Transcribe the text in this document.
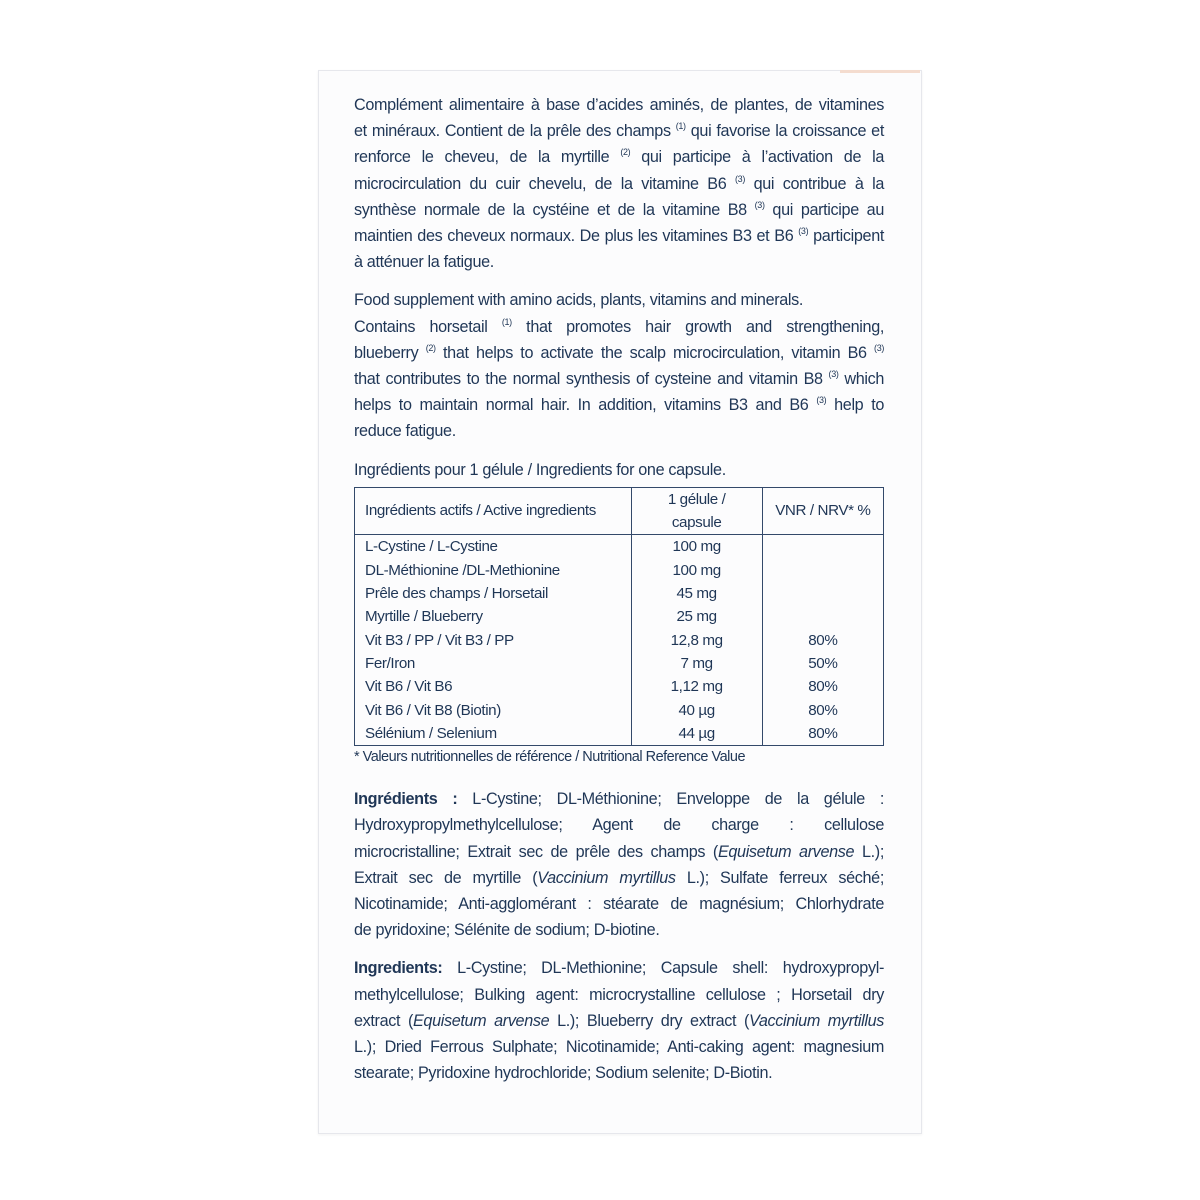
Complément alimentaire à base d’acides aminés, de plantes, de vitamines
et minéraux. Contient de la prêle des champs $^{(1)}$ qui favorise la croissance et
renforce le cheveu, de la myrtille $^{(2)}$ qui participe à l’activation de la
microcirculation du cuir chevelu, de la vitamine B6 $^{(3)}$ qui contribue à la
synthèse normale de la cystéine et de la vitamine B8 $^{(3)}$ qui participe au
maintien des cheveux normaux. De plus les vitamines B3 et B6 $^{(3)}$ participent
à atténuer la fatigue.

Food supplement with amino acids, plants, vitamins and minerals.
Contains horsetail $^{(1)}$ that promotes hair growth and strengthening,
blueberry $^{(2)}$ that helps to activate the scalp microcirculation, vitamin B6 $^{(3)}$
that contributes to the normal synthesis of cysteine and vitamin B8 $^{(3)}$ which
helps to maintain normal hair. In addition, vitamins B3 and B6 $^{(3)}$ help to
reduce fatigue.

Ingrédients pour 1 gélule / Ingredients for one capsule.

Ingrédients actifs / Active ingredients	1 gélule / capsule	VNR / NRV* %
L-Cystine / L-Cystine	100 mg	
DL-Méthionine /DL-Methionine	100 mg	
Prêle des champs / Horsetail	45 mg	
Myrtille / Blueberry	25 mg	
Vit B3 / PP / Vit B3 / PP	12,8 mg	80%
Fer/Iron	7 mg	50%
Vit B6 / Vit B6	1,12 mg	80%
Vit B6 / Vit B8 (Biotin)	40 µg	80%
Sélénium / Selenium	44 µg	80%

* Valeurs nutritionnelles de référence / Nutritional Reference Value

Ingrédients : L-Cystine; DL-Méthionine; Enveloppe de la gélule :
Hydroxypropylmethylcellulose; Agent de charge : cellulose
microcristalline; Extrait sec de prêle des champs (Equisetum arvense L.);
Extrait sec de myrtille (Vaccinium myrtillus L.); Sulfate ferreux séché;
Nicotinamide; Anti-agglomérant : stéarate de magnésium; Chlorhydrate
de pyridoxine; Sélénite de sodium; D-biotine.

Ingredients: L-Cystine; DL-Methionine; Capsule shell: hydroxypropyl-
methylcellulose; Bulking agent: microcrystalline cellulose ; Horsetail dry
extract (Equisetum arvense L.); Blueberry dry extract (Vaccinium myrtillus
L.); Dried Ferrous Sulphate; Nicotinamide; Anti-caking agent: magnesium
stearate; Pyridoxine hydrochloride; Sodium selenite; D-Biotin.
